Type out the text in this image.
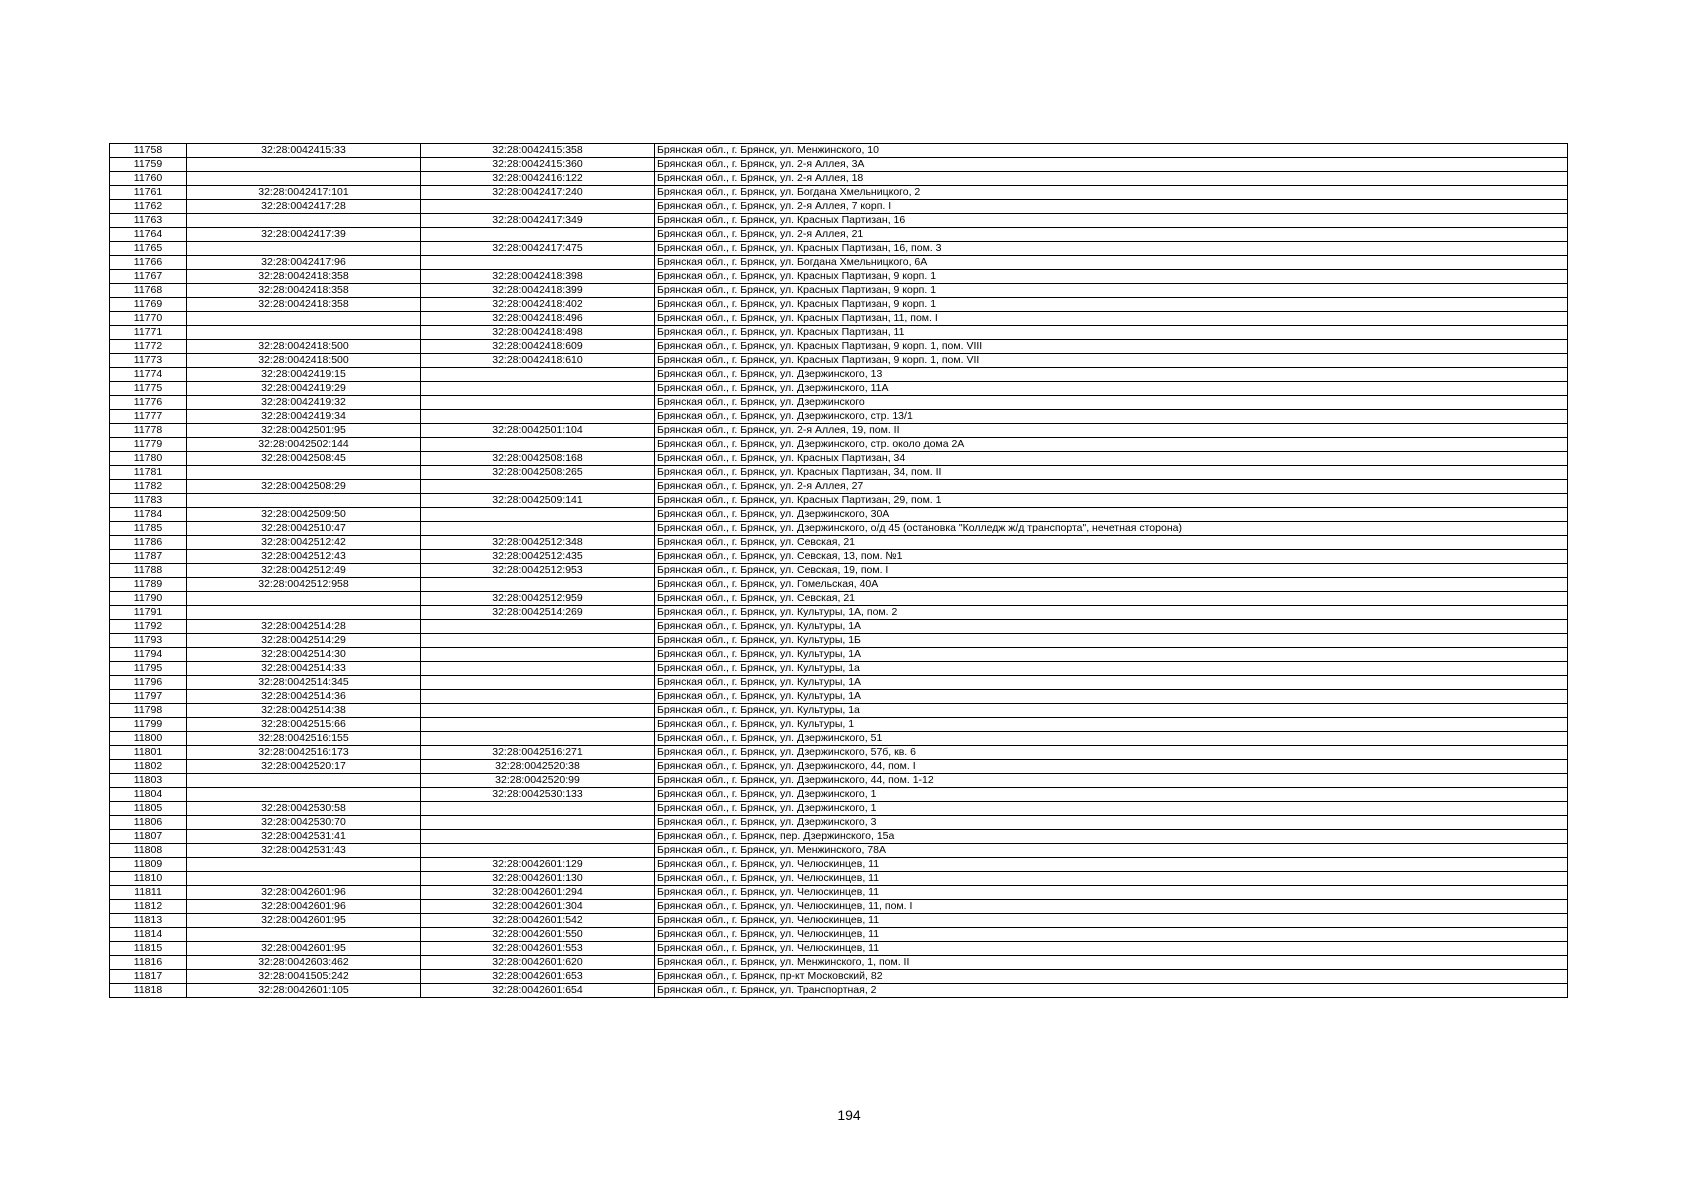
11758	32:28:0042415:33	32:28:0042415:358	Брянская обл., г. Брянск, ул. Менжинского, 10
11759		32:28:0042415:360	Брянская обл., г. Брянск, ул. 2-я Аллея, 3А
11760		32:28:0042416:122	Брянская обл., г. Брянск, ул. 2-я Аллея, 18
11761	32:28:0042417:101	32:28:0042417:240	Брянская обл., г. Брянск, ул. Богдана Хмельницкого, 2
11762	32:28:0042417:28		Брянская обл., г. Брянск, ул. 2-я Аллея, 7 корп. I
11763		32:28:0042417:349	Брянская обл., г. Брянск, ул. Красных Партизан, 16
11764	32:28:0042417:39		Брянская обл., г. Брянск, ул. 2-я Аллея, 21
11765		32:28:0042417:475	Брянская обл., г. Брянск, ул. Красных Партизан, 16, пом. 3
11766	32:28:0042417:96		Брянская обл., г. Брянск, ул. Богдана Хмельницкого, 6А
11767	32:28:0042418:358	32:28:0042418:398	Брянская обл., г. Брянск, ул. Красных Партизан, 9 корп. 1
11768	32:28:0042418:358	32:28:0042418:399	Брянская обл., г. Брянск, ул. Красных Партизан, 9 корп. 1
11769	32:28:0042418:358	32:28:0042418:402	Брянская обл., г. Брянск, ул. Красных Партизан, 9 корп. 1
11770		32:28:0042418:496	Брянская обл., г. Брянск, ул. Красных Партизан, 11, пом. I
11771		32:28:0042418:498	Брянская обл., г. Брянск, ул. Красных Партизан, 11
11772	32:28:0042418:500	32:28:0042418:609	Брянская обл., г. Брянск, ул. Красных Партизан, 9 корп. 1, пом. VIII
11773	32:28:0042418:500	32:28:0042418:610	Брянская обл., г. Брянск, ул. Красных Партизан, 9 корп. 1, пом. VII
11774	32:28:0042419:15		Брянская обл., г. Брянск, ул. Дзержинского, 13
11775	32:28:0042419:29		Брянская обл., г. Брянск, ул. Дзержинского, 11А
11776	32:28:0042419:32		Брянская обл., г. Брянск, ул. Дзержинского
11777	32:28:0042419:34		Брянская обл., г. Брянск, ул. Дзержинского, стр. 13/1
11778	32:28:0042501:95	32:28:0042501:104	Брянская обл., г. Брянск, ул. 2-я Аллея, 19, пом. II
11779	32:28:0042502:144		Брянская обл., г. Брянск, ул. Дзержинского, стр. около дома 2А
11780	32:28:0042508:45	32:28:0042508:168	Брянская обл., г. Брянск, ул. Красных Партизан, 34
11781		32:28:0042508:265	Брянская обл., г. Брянск, ул. Красных Партизан, 34, пом. II
11782	32:28:0042508:29		Брянская обл., г. Брянск, ул. 2-я Аллея, 27
11783		32:28:0042509:141	Брянская обл., г. Брянск, ул. Красных Партизан, 29, пом. 1
11784	32:28:0042509:50		Брянская обл., г. Брянск, ул. Дзержинского, 30А
11785	32:28:0042510:47		Брянская обл., г. Брянск, ул. Дзержинского, о/д 45 (остановка "Колледж ж/д транспорта", нечетная сторона)
11786	32:28:0042512:42	32:28:0042512:348	Брянская обл., г. Брянск, ул. Севская, 21
11787	32:28:0042512:43	32:28:0042512:435	Брянская обл., г. Брянск, ул. Севская, 13, пом. №1
11788	32:28:0042512:49	32:28:0042512:953	Брянская обл., г. Брянск, ул. Севская, 19, пом. I
11789	32:28:0042512:958		Брянская обл., г. Брянск, ул. Гомельская, 40А
11790		32:28:0042512:959	Брянская обл., г. Брянск, ул. Севская, 21
11791		32:28:0042514:269	Брянская обл., г. Брянск, ул. Культуры, 1А, пом. 2
11792	32:28:0042514:28		Брянская обл., г. Брянск, ул. Культуры, 1А
11793	32:28:0042514:29		Брянская обл., г. Брянск, ул. Культуры, 1Б
11794	32:28:0042514:30		Брянская обл., г. Брянск, ул. Культуры, 1А
11795	32:28:0042514:33		Брянская обл., г. Брянск, ул. Культуры, 1а
11796	32:28:0042514:345		Брянская обл., г. Брянск, ул. Культуры, 1А
11797	32:28:0042514:36		Брянская обл., г. Брянск, ул. Культуры, 1А
11798	32:28:0042514:38		Брянская обл., г. Брянск, ул. Культуры, 1а
11799	32:28:0042515:66		Брянская обл., г. Брянск, ул. Культуры, 1
11800	32:28:0042516:155		Брянская обл., г. Брянск, ул. Дзержинского, 51
11801	32:28:0042516:173	32:28:0042516:271	Брянская обл., г. Брянск, ул. Дзержинского, 57б, кв. 6
11802	32:28:0042520:17	32:28:0042520:38	Брянская обл., г. Брянск, ул. Дзержинского, 44, пом. I
11803		32:28:0042520:99	Брянская обл., г. Брянск, ул. Дзержинского, 44, пом. 1-12
11804		32:28:0042530:133	Брянская обл., г. Брянск, ул. Дзержинского, 1
11805	32:28:0042530:58		Брянская обл., г. Брянск, ул. Дзержинского, 1
11806	32:28:0042530:70		Брянская обл., г. Брянск, ул. Дзержинского, 3
11807	32:28:0042531:41		Брянская обл., г. Брянск, пер. Дзержинского, 15а
11808	32:28:0042531:43		Брянская обл., г. Брянск, ул. Менжинского, 78А
11809		32:28:0042601:129	Брянская обл., г. Брянск, ул. Челюскинцев, 11
11810		32:28:0042601:130	Брянская обл., г. Брянск, ул. Челюскинцев, 11
11811	32:28:0042601:96	32:28:0042601:294	Брянская обл., г. Брянск, ул. Челюскинцев, 11
11812	32:28:0042601:96	32:28:0042601:304	Брянская обл., г. Брянск, ул. Челюскинцев, 11, пом. I
11813	32:28:0042601:95	32:28:0042601:542	Брянская обл., г. Брянск, ул. Челюскинцев, 11
11814		32:28:0042601:550	Брянская обл., г. Брянск, ул. Челюскинцев, 11
11815	32:28:0042601:95	32:28:0042601:553	Брянская обл., г. Брянск, ул. Челюскинцев, 11
11816	32:28:0042603:462	32:28:0042601:620	Брянская обл., г. Брянск, ул. Менжинского, 1, пом. II
11817	32:28:0041505:242	32:28:0042601:653	Брянская обл., г. Брянск, пр-кт Московский, 82
11818	32:28:0042601:105	32:28:0042601:654	Брянская обл., г. Брянск, ул. Транспортная, 2
194
